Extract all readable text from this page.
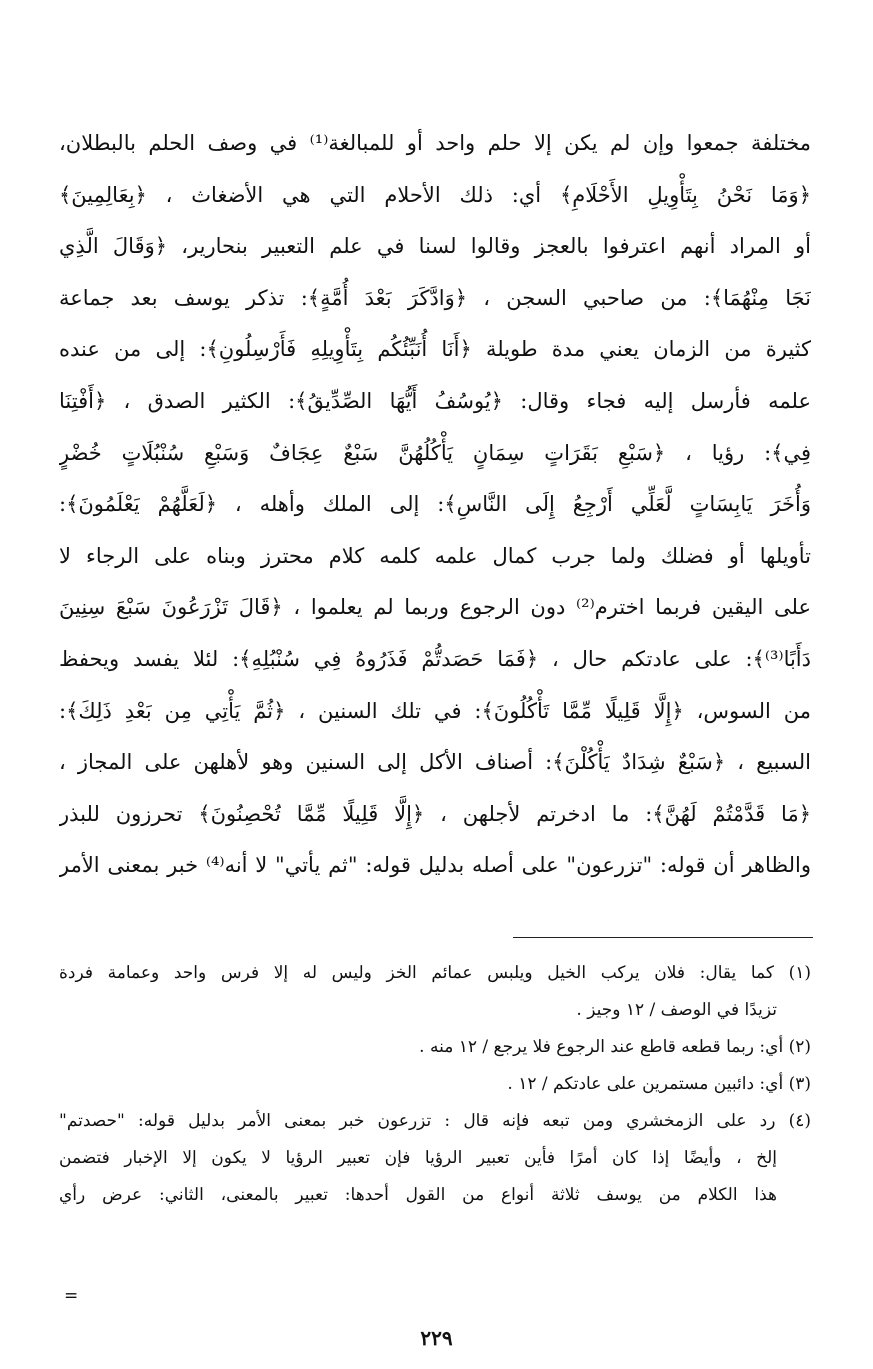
مختلفة جمعوا وإن لم يكن إلا حلم واحد أو للمبالغة⁽¹⁾ في وصف الحلم بالبطلان،
﴿وَمَا نَحْنُ بِتَأْوِيلِ الأَحْلَامِ﴾ أي: ذلك الأحلام التي هي الأضغاث ، ﴿بِعَالِمِينَ﴾
أو المراد أنهم اعترفوا بالعجز وقالوا لسنا في علم التعبير بنحارير، ﴿وَقَالَ الَّذِي
نَجَا مِنْهُمَا﴾: من صاحبي السجن ، ﴿وَادَّكَرَ بَعْدَ أُمَّةٍ﴾: تذكر يوسف بعد جماعة
كثيرة من الزمان يعني مدة طويلة ﴿أَنَا أُنَبِّئُكُم بِتَأْوِيلِهِ فَأَرْسِلُونِ﴾: إلى من عنده
علمه فأرسل إليه فجاء وقال: ﴿يُوسُفُ أَيُّهَا الصِّدِّيقُ﴾: الكثير الصدق ، ﴿أَفْتِنَا
فِي﴾: رؤيا ، ﴿سَبْعِ بَقَرَاتٍ سِمَانٍ يَأْكُلُهُنَّ سَبْعٌ عِجَافٌ وَسَبْعِ سُنْبُلَاتٍ خُضْرٍ
وَأُخَرَ يَابِسَاتٍ لَّعَلِّي أَرْجِعُ إِلَى النَّاسِ﴾: إلى الملك وأهله ، ﴿لَعَلَّهُمْ يَعْلَمُونَ﴾:
تأويلها أو فضلك ولما جرب كمال علمه كلمه كلام محترز وبناه على الرجاء لا
على اليقين فربما اخترم⁽²⁾ دون الرجوع وربما لم يعلموا ، ﴿قَالَ تَزْرَعُونَ سَبْعَ سِنِينَ
دَأَبًا⁽³⁾﴾: على عادتكم حال ، ﴿فَمَا حَصَدتُّمْ فَذَرُوهُ فِي سُنْبُلِهِ﴾: لئلا يفسد ويحفظ
من السوس، ﴿إِلَّا قَلِيلًا مِّمَّا تَأْكُلُونَ﴾: في تلك السنين ، ﴿ثُمَّ يَأْتِي مِن بَعْدِ ذَلِكَ﴾:
السبيع ، ﴿سَبْعٌ شِدَادٌ يَأْكُلْنَ﴾: أصناف الأكل إلى السنين وهو لأهلهن على المجاز ،
﴿مَا قَدَّمْتُمْ لَهُنَّ﴾: ما ادخرتم لأجلهن ، ﴿إِلَّا قَلِيلًا مِّمَّا تُحْصِنُونَ﴾ تحرزون للبذر
والظاهر أن قوله: "تزرعون" على أصله بدليل قوله: "ثم يأتي" لا أنه⁽⁴⁾ خبر بمعنى الأمر
(١) كما يقال: فلان يركب الخيل ويلبس عمائم الخز وليس له إلا فرس واحد وعمامة فردة
تزيدًا في الوصف / ١٢ وجيز .
(٢) أي: ربما قطعه قاطع عند الرجوع فلا يرجع / ١٢ منه .
(٣) أي: دائبين مستمرين على عادتكم / ١٢ .
(٤) رد على الزمخشري ومن تبعه فإنه قال : تزرعون خبر بمعنى الأمر بدليل قوله: "حصدتم"
إلخ ، وأيضًا إذا كان أمرًا فأين تعبير الرؤيا فإن تعبير الرؤيا لا يكون إلا الإخبار فتضمن
هذا الكلام من يوسف ثلاثة أنواع من القول أحدها: تعبير بالمعنى، الثاني: عرض رأي
=
٢٢٩
